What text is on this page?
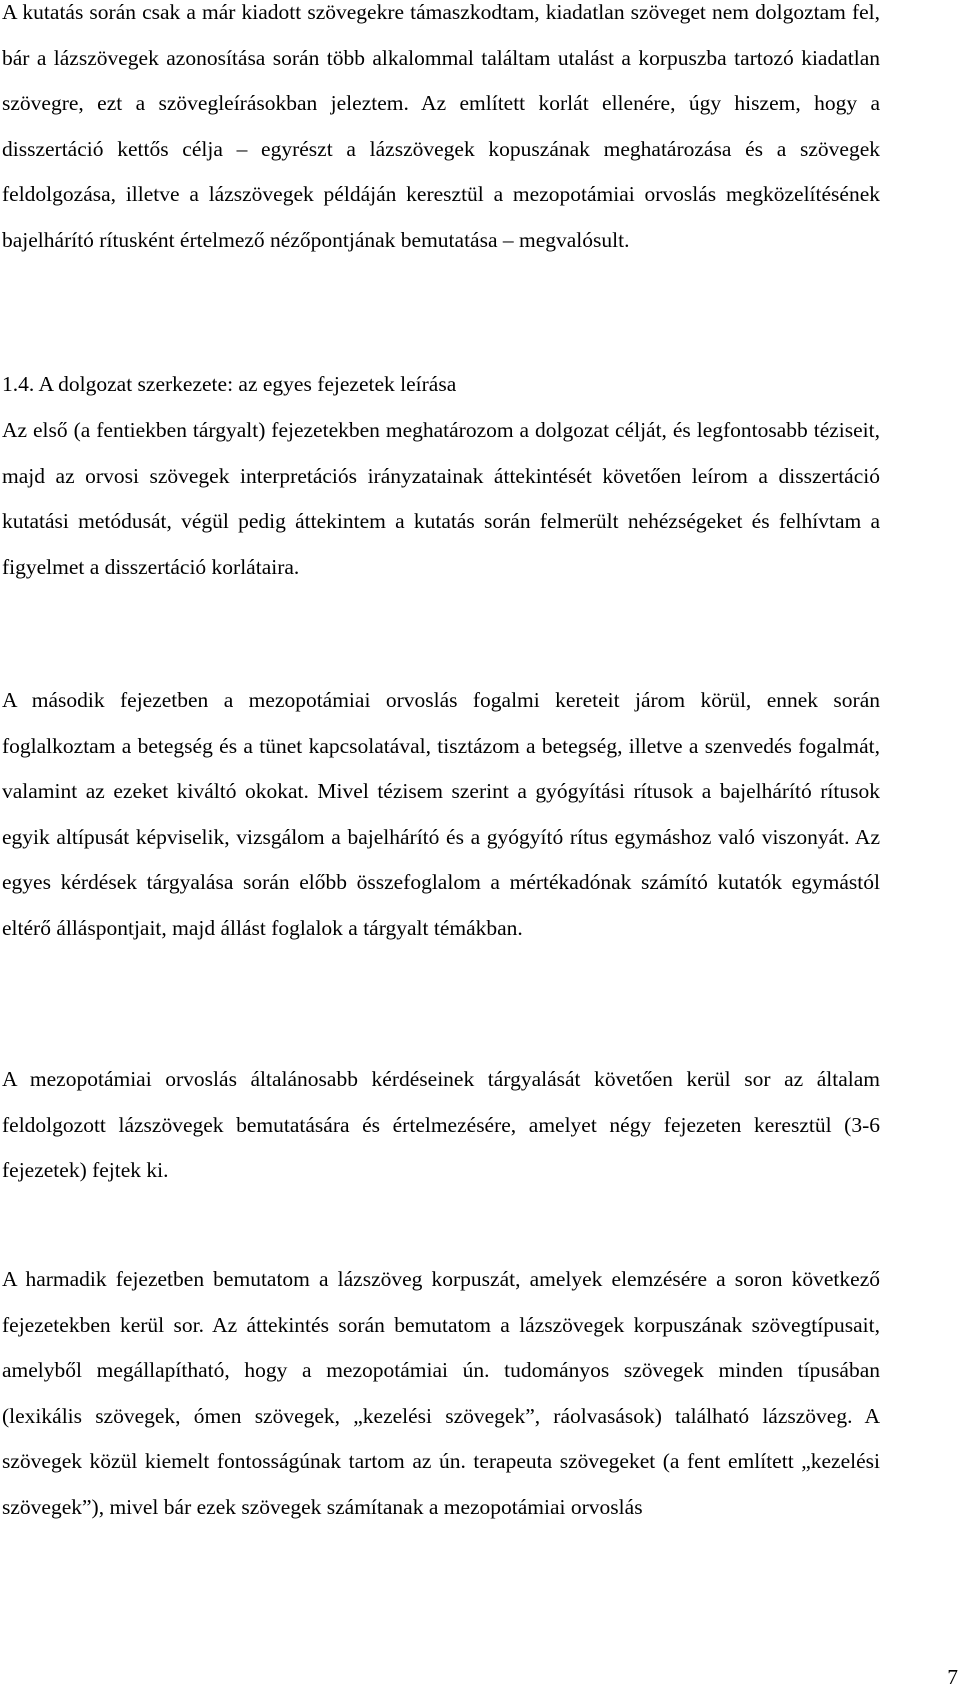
A kutatás során csak a már kiadott szövegekre támaszkodtam, kiadatlan szöveget nem dolgoztam fel, bár a lázszövegek azonosítása során több alkalommal találtam utalást a korpuszba tartozó kiadatlan szövegre, ezt a szövegleírásokban jeleztem. Az említett korlát ellenére, úgy hiszem, hogy a disszertáció kettős célja – egyrészt a lázszövegek kopuszának meghatározása és a szövegek feldolgozása, illetve a lázszövegek példáján keresztül a mezopotámiai orvoslás megközelítésének bajelhárító rítusként értelmező nézőpontjának bemutatása – megvalósult.

1.4. A dolgozat szerkezete: az egyes fejezetek leírása

Az első (a fentiekben tárgyalt) fejezetekben meghatározom a dolgozat célját, és legfontosabb téziseit, majd az orvosi szövegek interpretációs irányzatainak áttekintését követően leírom a disszertáció kutatási metódusát, végül pedig áttekintem a kutatás során felmerült nehézségeket és felhívtam a figyelmet a disszertáció korlátaira.

A második fejezetben a mezopotámiai orvoslás fogalmi kereteit járom körül, ennek során foglalkoztam a betegség és a tünet kapcsolatával, tisztázom a betegség, illetve a szenvedés fogalmát, valamint az ezeket kiváltó okokat. Mivel tézisem szerint a gyógyítási rítusok a bajelhárító rítusok egyik altípusát képviselik, vizsgálom a bajelhárító és a gyógyító rítus egymáshoz való viszonyát. Az egyes kérdések tárgyalása során előbb összefoglalom a mértékadónak számító kutatók egymástól eltérő álláspontjait, majd állást foglalok a tárgyalt témákban.

A mezopotámiai orvoslás általánosabb kérdéseinek tárgyalását követően kerül sor az általam feldolgozott lázszövegek bemutatására és értelmezésére, amelyet négy fejezeten keresztül (3-6 fejezetek) fejtek ki.

A harmadik fejezetben bemutatom a lázszöveg korpuszát, amelyek elemzésére a soron következő fejezetekben kerül sor. Az áttekintés során bemutatom a lázszövegek korpuszának szövegtípusait, amelyből megállapítható, hogy a mezopotámiai ún. tudományos szövegek minden típusában (lexikális szövegek, ómen szövegek, „kezelési szövegek”, ráolvasások) található lázszöveg. A szövegek közül kiemelt fontosságúnak tartom az ún. terapeuta szövegeket (a fent említett „kezelési szövegek”), mivel bár ezek szövegek számítanak a mezopotámiai orvoslás

7
